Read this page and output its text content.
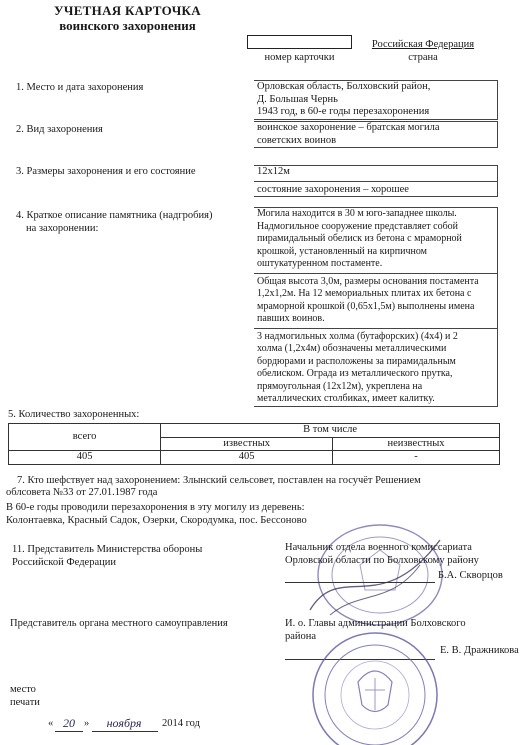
УЧЕТНАЯ КАРТОЧКА
воинского захоронения
номер карточки
Российская Федерация
страна
1. Место и дата захоронения	Орловская область, Болховский район,
Д. Большая Чернь
1943 год, в 60-е годы перезахоронения
2. Вид захоронения	воинское захоронение – братская могила
советских воинов
3. Размеры захоронения и его состояние	12х12м
состояние захоронения – хорошее
4. Краткое описание памятника (надгробия)
на захоронении:
Могила находится в 30 м юго-западнее школы.
Надмогильное сооружение представляет собой
пирамидальный обелиск из бетона с мраморной
крошкой, установленный на кирпичном
оштукатуренном постаменте.
Общая высота 3,0м, размеры основания постамента
1,2х1,2м. На 12 мемориальных плитах их бетона с
мраморной крошкой (0,65х1,5м) выполнены имена
павших воинов.
3 надмогильных холма (бутафорских) (4х4) и 2
холма (1,2х4м) обозначены металлическими
бордюрами и расположены за пирамидальным
обелиском. Ограда из металлического прутка,
прямоугольная (12х12м), укреплена на
металлических столбиках, имеет калитку.
5. Количество захороненных:
всего	В том числе	
	известных	неизвестных
405	405	-
7. Кто шефствует над захоронением: Злынский сельсовет, поставлен на госучёт Решением
облсовета №33 от 27.01.1987 года
В 60-е годы проводили перезахоронения в эту могилу из деревень:
Колонтаевка, Красный Садок, Озерки, Скородумка, пос. Бессоново
11. Представитель Министерства обороны
Российской Федерации
Начальник отдела военного комиссариата
Орловской области по Болховскому району
Б.А. Скворцов
Представитель органа местного самоуправления	И. о. Главы администрации Болховского
района
Е. В. Дражникова
место
печати
« 20 »	ноября	2014 год
